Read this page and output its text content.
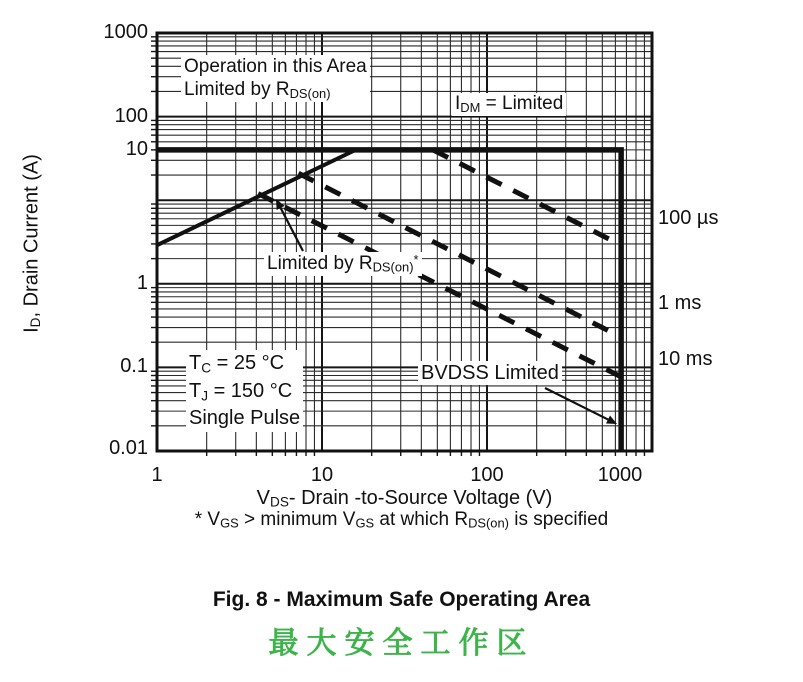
1000
100
10
1
0.1
0.01
1	10	100	1000
Operation in this Area
Limited by RDS(on)	IDM = Limited
Limited by RDS(on)*
TC = 25 °C
TJ = 150 °C
Single Pulse
BVDSS Limited
100 µs
1 ms
10 ms
ID, Drain Current (A)
VDS- Drain -to-Source Voltage (V)
* VGS > minimum VGS at which RDS(on) is specified
Fig. 8 - Maximum Safe Operating Area
最大安全工作区
